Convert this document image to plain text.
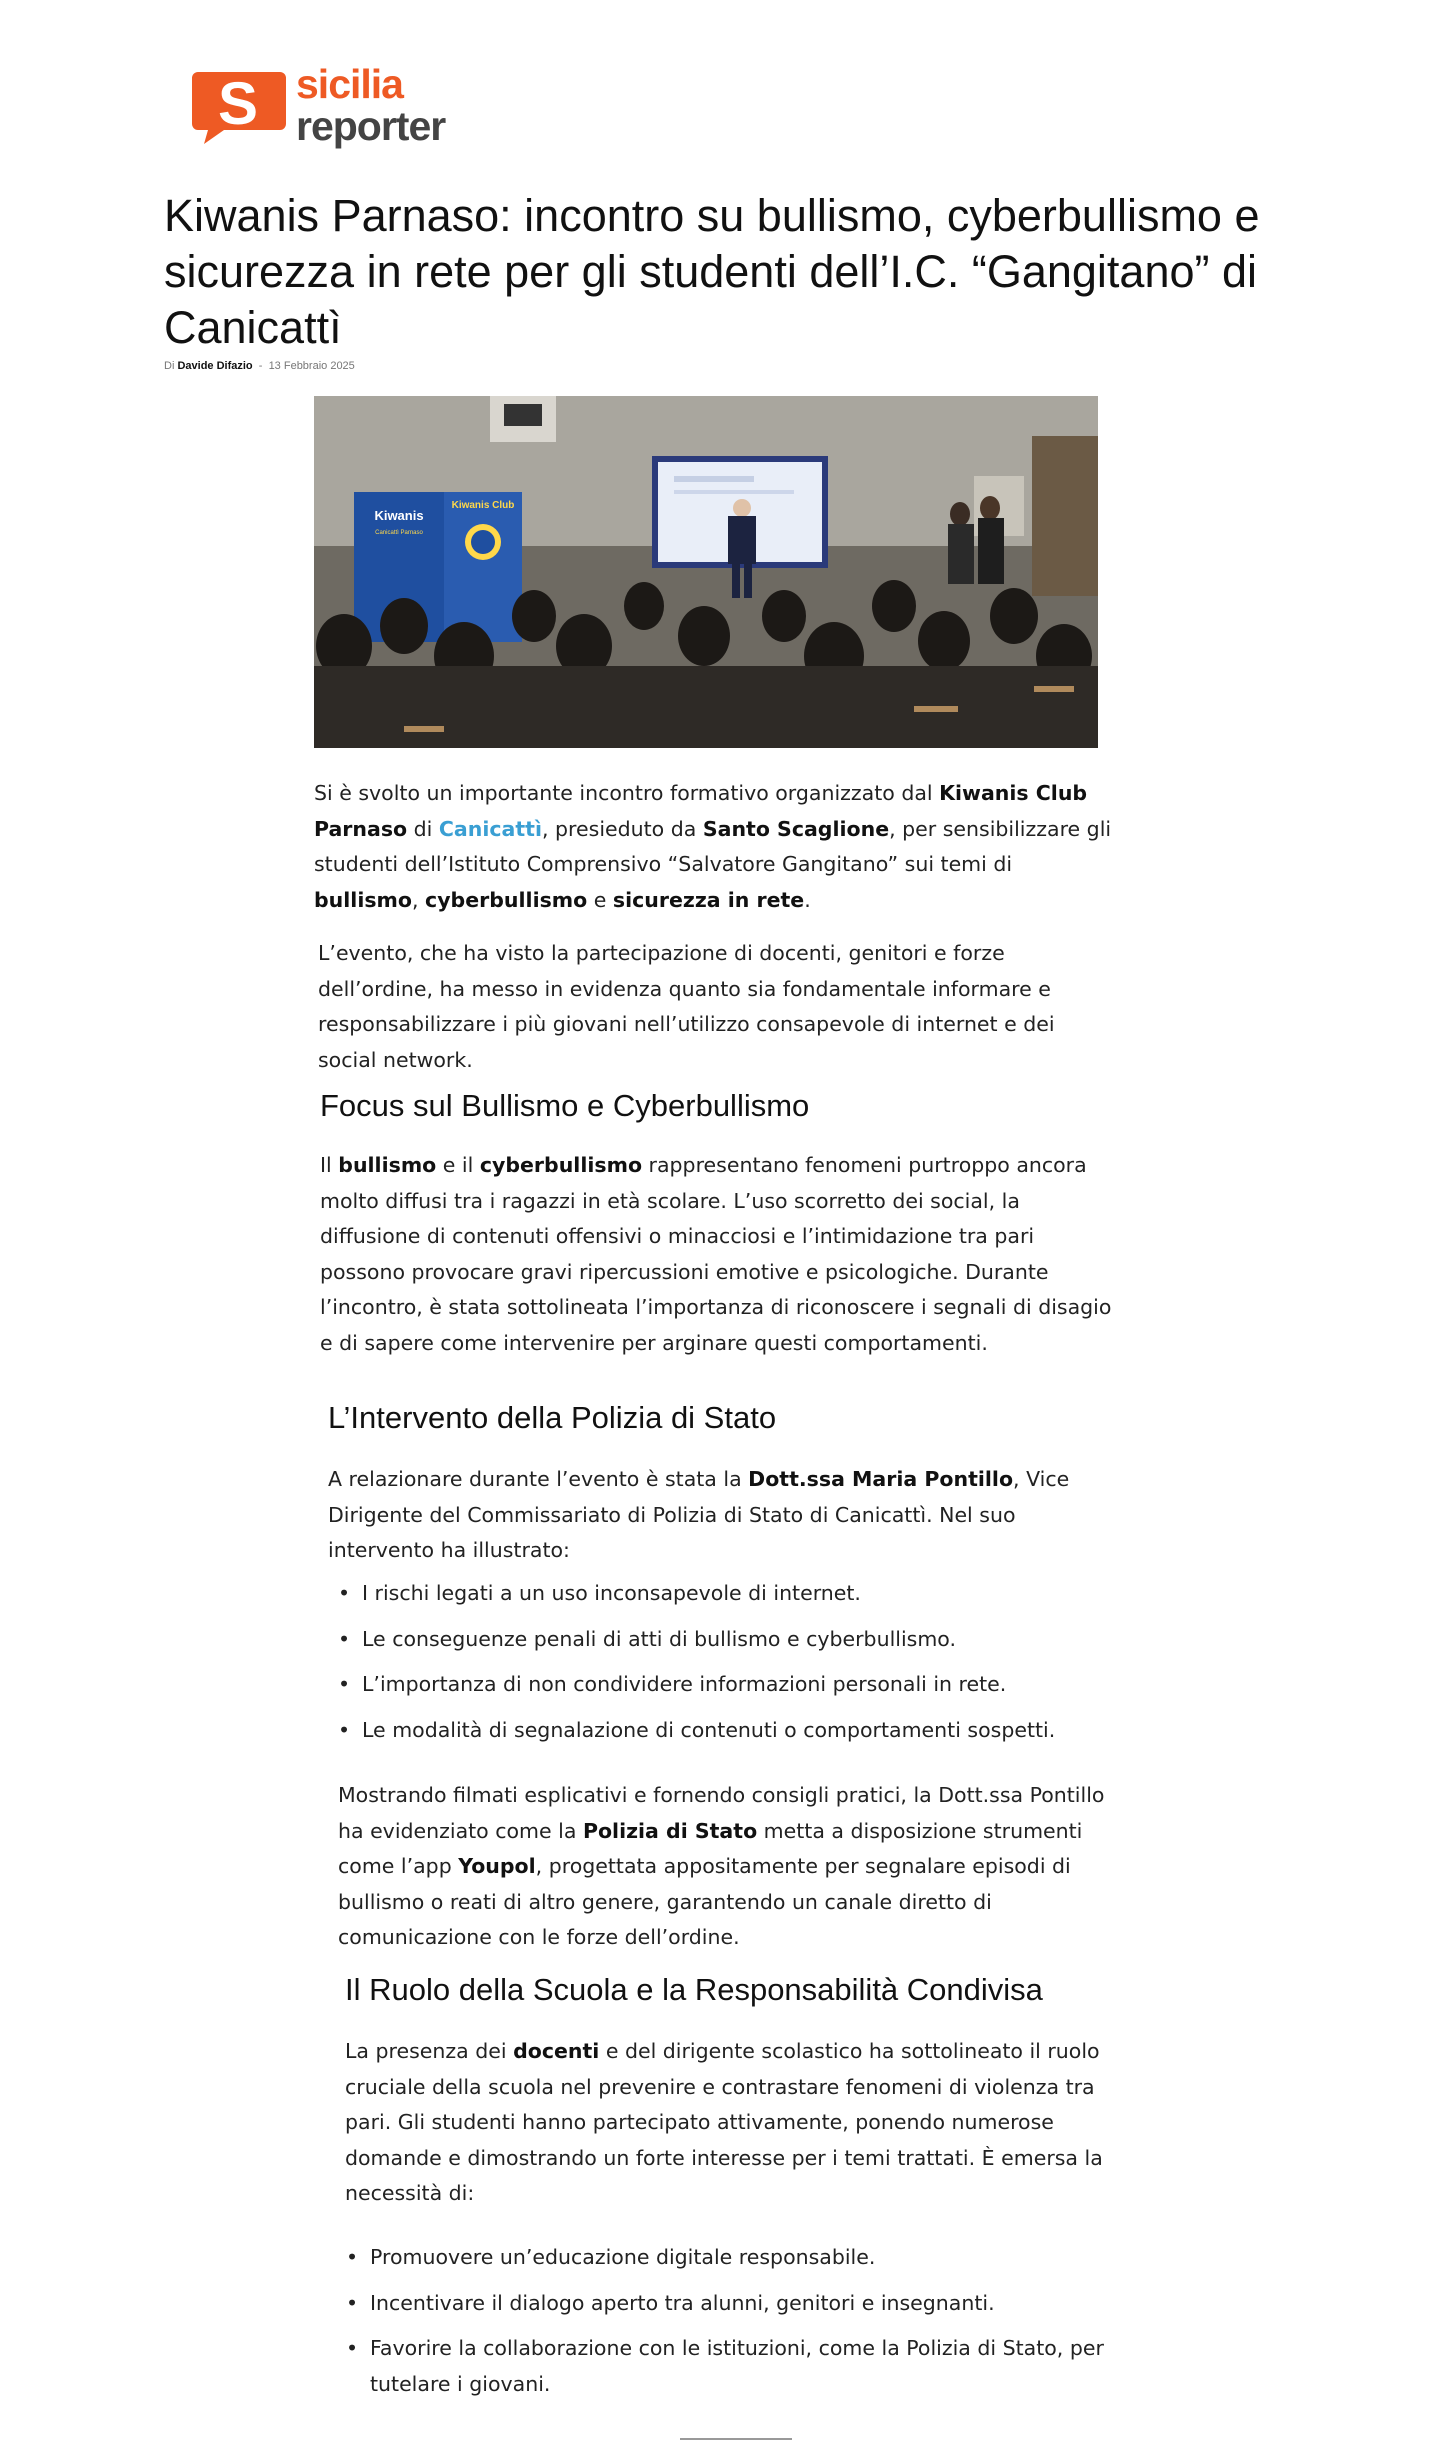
S sicilia
reporter
Kiwanis Parnaso: incontro su bullismo, cyberbullismo e sicurezza in rete per gli studenti dell’I.C. “Gangitano” di Canicattì
Di Davide Difazio - 13 Febbraio 2025
Kiwanis
Canicattì Parnaso
Kiwanis Club

Si è svolto un importante incontro formativo organizzato dal Kiwanis Club Parnaso di Canicattì, presieduto da Santo Scaglione, per sensibilizzare gli studenti dell’Istituto Comprensivo “Salvatore Gangitano” sui temi di bullismo, cyberbullismo e sicurezza in rete.

L’evento, che ha visto la partecipazione di docenti, genitori e forze dell’ordine, ha messo in evidenza quanto sia fondamentale informare e responsabilizzare i più giovani nell’utilizzo consapevole di internet e dei social network.

Focus sul Bullismo e Cyberbullismo

Il bullismo e il cyberbullismo rappresentano fenomeni purtroppo ancora molto diffusi tra i ragazzi in età scolare. L’uso scorretto dei social, la diffusione di contenuti offensivi o minacciosi e l’intimidazione tra pari possono provocare gravi ripercussioni emotive e psicologiche. Durante l’incontro, è stata sottolineata l’importanza di riconoscere i segnali di disagio e di sapere come intervenire per arginare questi comportamenti.

L’Intervento della Polizia di Stato

A relazionare durante l’evento è stata la Dott.ssa Maria Pontillo, Vice Dirigente del Commissariato di Polizia di Stato di Canicattì. Nel suo intervento ha illustrato:

• I rischi legati a un uso inconsapevole di internet.
• Le conseguenze penali di atti di bullismo e cyberbullismo.
• L’importanza di non condividere informazioni personali in rete.
• Le modalità di segnalazione di contenuti o comportamenti sospetti.

Mostrando filmati esplicativi e fornendo consigli pratici, la Dott.ssa Pontillo ha evidenziato come la Polizia di Stato metta a disposizione strumenti come l’app Youpol, progettata appositamente per segnalare episodi di bullismo o reati di altro genere, garantendo un canale diretto di comunicazione con le forze dell’ordine.

Il Ruolo della Scuola e la Responsabilità Condivisa

La presenza dei docenti e del dirigente scolastico ha sottolineato il ruolo cruciale della scuola nel prevenire e contrastare fenomeni di violenza tra pari. Gli studenti hanno partecipato attivamente, ponendo numerose domande e dimostrando un forte interesse per i temi trattati. È emersa la necessità di:

• Promuovere un’educazione digitale responsabile.
• Incentivare il dialogo aperto tra alunni, genitori e insegnanti.
• Favorire la collaborazione con le istituzioni, come la Polizia di Stato, per tutelare i giovani.
